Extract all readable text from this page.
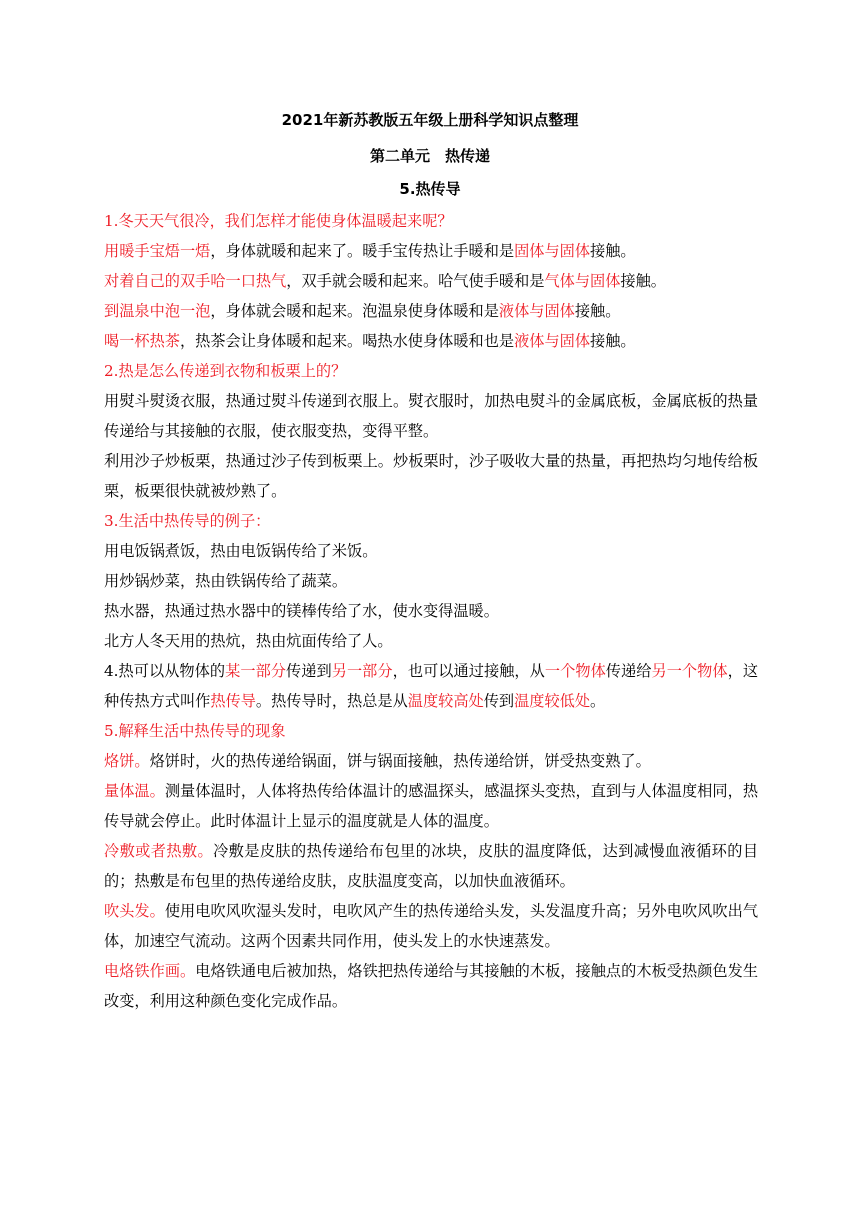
2021年新苏教版五年级上册科学知识点整理
第二单元　热传递
5.热传导

1.冬天天气很冷，我们怎样才能使身体温暖起来呢？

用暖手宝焐一焐，身体就暖和起来了。暖手宝传热让手暖和是固体与固体接触。

对着自己的双手哈一口热气，双手就会暖和起来。哈气使手暖和是气体与固体接触。

到温泉中泡一泡，身体就会暖和起来。泡温泉使身体暖和是液体与固体接触。

喝一杯热茶，热茶会让身体暖和起来。喝热水使身体暖和也是液体与固体接触。

2.热是怎么传递到衣物和板栗上的？

用熨斗熨烫衣服，热通过熨斗传递到衣服上。熨衣服时，加热电熨斗的金属底板，金属底板的热量传递给与其接触的衣服，使衣服变热，变得平整。

利用沙子炒板栗，热通过沙子传到板栗上。炒板栗时，沙子吸收大量的热量，再把热均匀地传给板栗，板栗很快就被炒熟了。

3.生活中热传导的例子：

用电饭锅煮饭，热由电饭锅传给了米饭。

用炒锅炒菜，热由铁锅传给了蔬菜。

热水器，热通过热水器中的镁棒传给了水，使水变得温暖。

北方人冬天用的热炕，热由炕面传给了人。

4.热可以从物体的某一部分传递到另一部分，也可以通过接触，从一个物体传递给另一个物体，这种传热方式叫作热传导。热传导时，热总是从温度较高处传到温度较低处。

5.解释生活中热传导的现象

烙饼。烙饼时，火的热传递给锅面，饼与锅面接触，热传递给饼，饼受热变熟了。

量体温。测量体温时，人体将热传给体温计的感温探头，感温探头变热，直到与人体温度相同，热传导就会停止。此时体温计上显示的温度就是人体的温度。

冷敷或者热敷。冷敷是皮肤的热传递给布包里的冰块，皮肤的温度降低，达到减慢血液循环的目的；热敷是布包里的热传递给皮肤，皮肤温度变高，以加快血液循环。

吹头发。使用电吹风吹湿头发时，电吹风产生的热传递给头发，头发温度升高；另外电吹风吹出气体，加速空气流动。这两个因素共同作用，使头发上的水快速蒸发。

电烙铁作画。电烙铁通电后被加热，烙铁把热传递给与其接触的木板，接触点的木板受热颜色发生改变，利用这种颜色变化完成作品。
